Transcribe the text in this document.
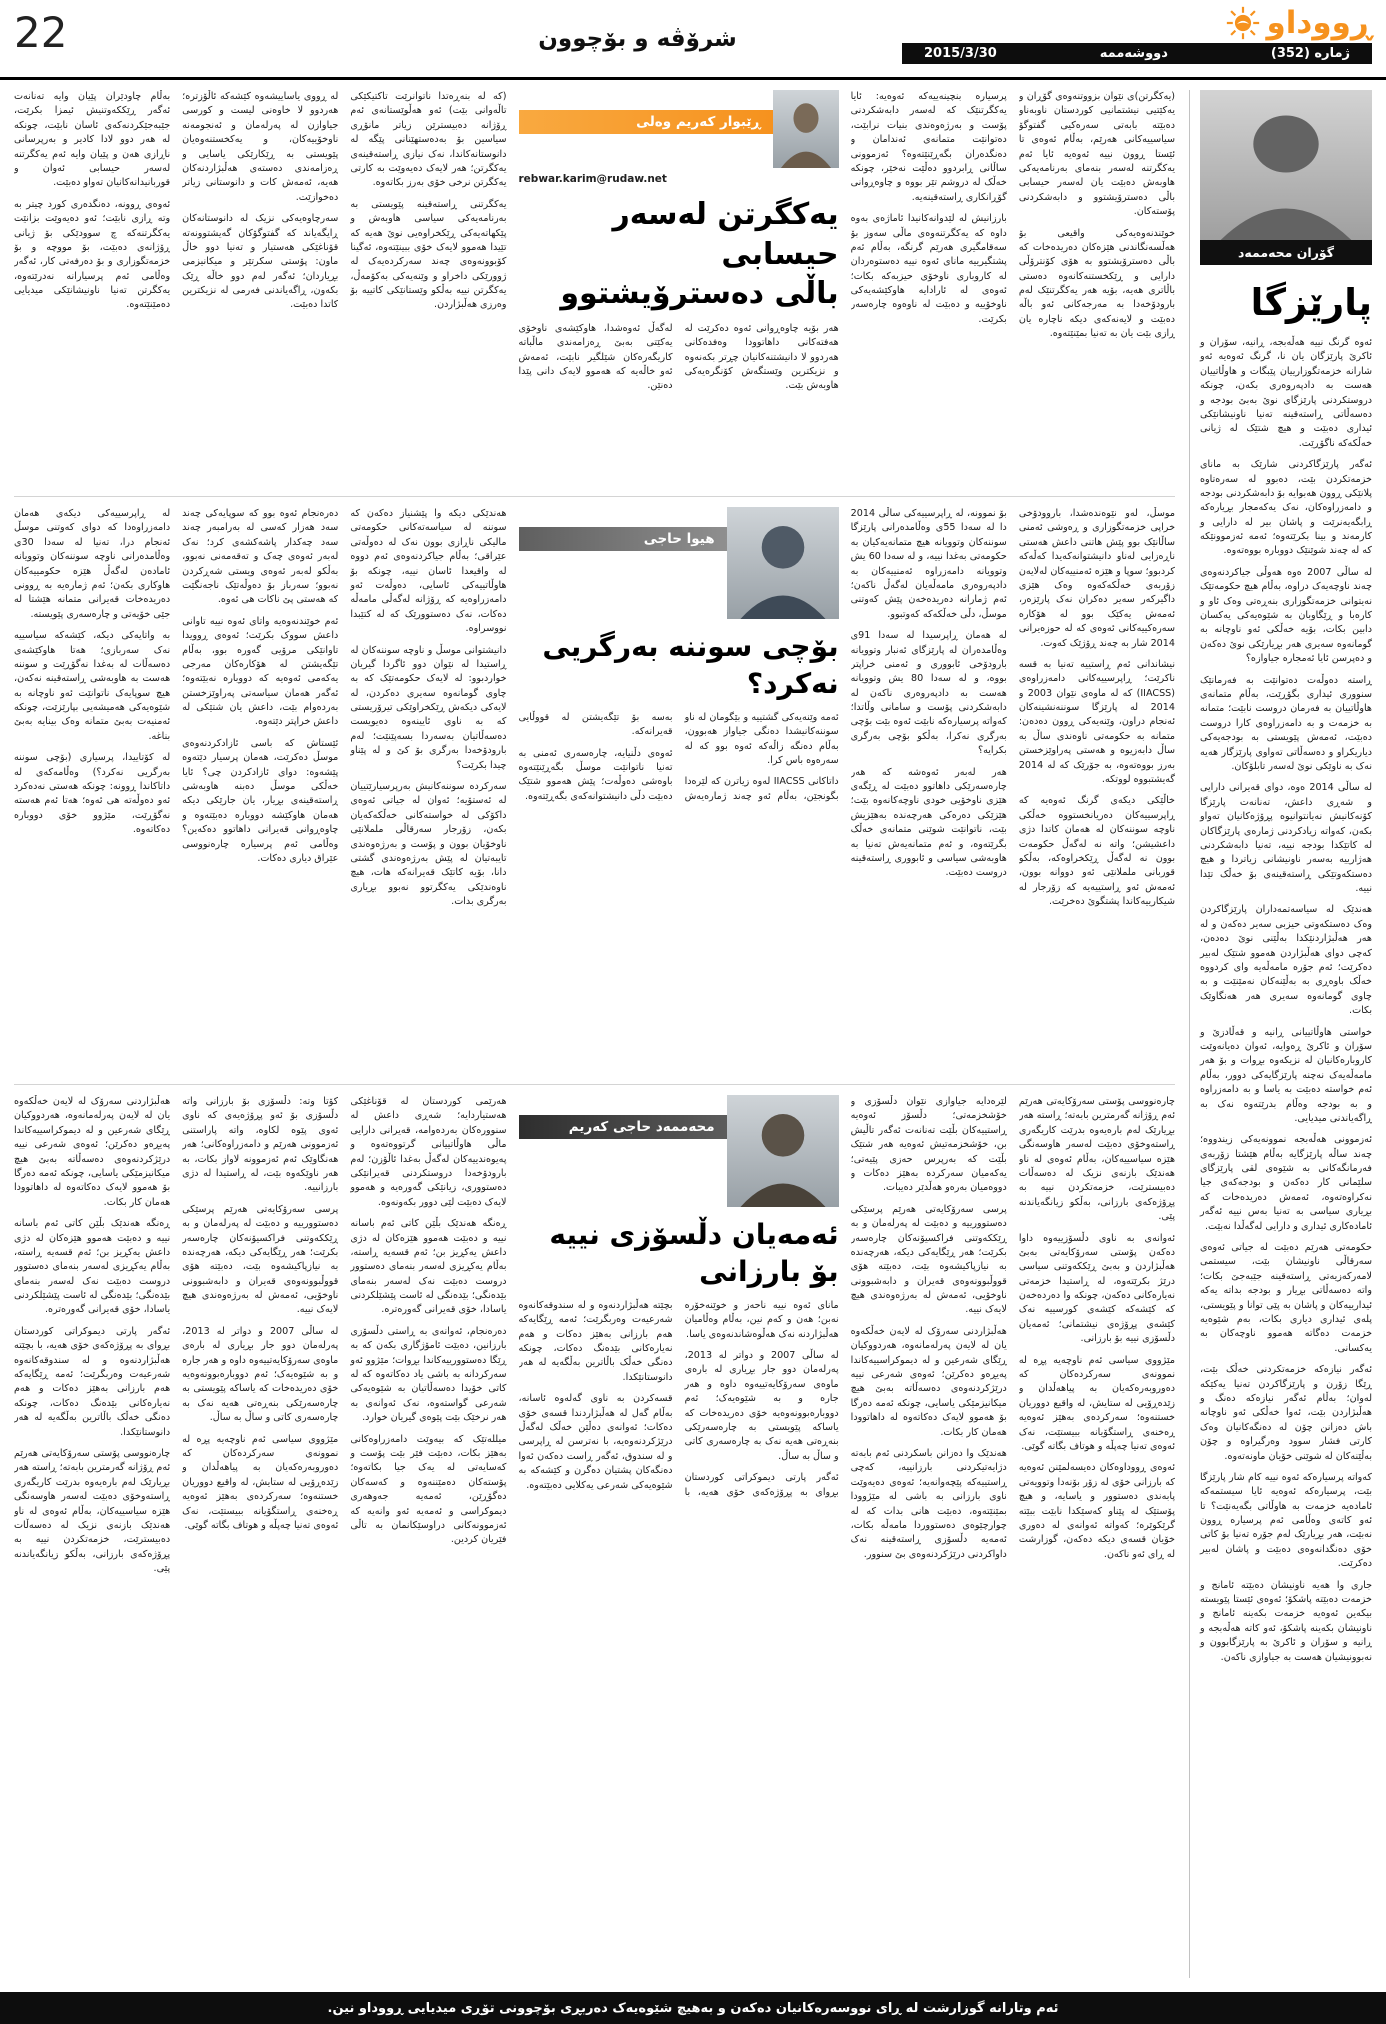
ڕووداو
ژمارە (352)
دووشەممە
2015/3/30
شرۆڤە و بۆچوون
22
گۆران محەممەد
پارێزگا

ئەوە گرنگ نییە هەڵەبجە، ڕانیە، سۆران و ئاکرێ پارێزگان یان نا، گرنگ ئەوەیە ئەو شارانە خزمەتگوزارییان پێبگات و هاوڵاتییان هەست بە دادپەروەری بکەن، چونکە دروستکردنی پارێزگای نوێ بەبێ بودجە و دەسەڵاتی ڕاستەقینە تەنیا ناونیشانێکی ئیداری دەبێت و هیچ شتێک لە ژیانی خەڵکەکە ناگۆڕێت.

ئەگەر پارێزگاکردنی شارێک بە مانای خزمەتکردن بێت، دەبوو لە سەرەتاوە پلانێکی ڕوون هەبوایە بۆ دابەشکردنی بودجە و دامەزراوەکان، نەک یەکەمجار بڕیارەکە ڕابگەیەنرێت و پاشان بیر لە دارایی و کارمەند و بینا بکرێتەوە؛ ئەمە ئەزموونێکە کە لە چەند شوێنێک دووبارە بووەتەوە.

لە ساڵی 2007 ەوە هەوڵی جیاکردنەوەی چەند ناوچەیەک دراوە، بەڵام هیچ حکومەتێک نەیتوانی خزمەتگوزاری بنەڕەتی وەک ئاو و کارەبا و ڕێگاوبان بە شێوەیەکی یەکسان دابین بکات، بۆیە خەڵکی ئەو ناوچانە بە گومانەوە سەیری هەر بڕیارێکی نوێ دەکەن و دەپرسن ئایا ئەمجارە جیاوازە؟

ڕاستە دەوڵەت دەتوانێت بە فەرمانێک سنووری ئیداری بگۆڕێت، بەڵام متمانەی هاوڵاتییان بە فەرمان دروست نابێت؛ متمانە بە خزمەت و بە دامەزراوەی کارا دروست دەبێت، ئەمەش پێویستی بە بودجەیەکی دیاریکراو و دەسەڵاتی تەواوی پارێزگار هەیە نەک بە ناوێکی نوێ لەسەر تابلۆکان.

لە ساڵی 2014 ەوە، دوای قەیرانی دارایی و شەڕی داعش، تەنانەت پارێزگا کۆنەکانیش نەیانتوانیوە پڕۆژەکانیان تەواو بکەن، کەواتە زیادکردنی ژمارەی پارێزگاکان لە کاتێکدا بودجە نییە، تەنیا دابەشکردنی هەژارییە بەسەر ناونیشانی زیاتردا و هیچ دەستکەوتێکی ڕاستەقینەی بۆ خەڵک تێدا نییە.

هەندێک لە سیاسەتمەداران پارێزگاکردن وەک دەستکەوتی حیزبی سەیر دەکەن و لە هەر هەڵبژاردنێکدا بەڵێنی نوێ دەدەن، کەچی دوای هەڵبژاردن هەموو شتێک لەبیر دەکرێت؛ ئەم جۆرە مامەڵەیە وای کردووە خەڵک باوەڕی بە بەڵێنەکان نەمێنێت و بە چاوی گومانەوە سەیری هەر هەنگاوێک بکات.

خواستی هاوڵاتییانی ڕانیە و قەڵادزێ و سۆران و ئاکرێ ڕەوایە، ئەوان دەیانەوێت کاروبارەکانیان لە نزیکەوە بڕوات و بۆ هەر مامەڵەیەک نەچنە پارێزگایەکی دوور، بەڵام ئەم خواستە دەبێت بە یاسا و بە دامەزراوە و بە بودجە وەڵام بدرێتەوە نەک بە ڕاگەیاندنی میدیایی.

ئەزموونی هەڵەبجە نموونەیەکی زیندووە؛ چەند ساڵە پارێزگایە بەڵام هێشتا زۆربەی فەرمانگەکانی بە شێوەی لقی پارێزگای سلێمانی کار دەکەن و بودجەکەی جیا نەکراوەتەوە، ئەمەش دەریدەخات کە بڕیاری سیاسی بە تەنیا بەس نییە ئەگەر ئامادەکاری ئیداری و دارایی لەگەڵدا نەبێت.

حکومەتی هەرێم دەبێت لە جیاتی ئەوەی سەرقاڵی ناونیشان بێت، سیستمی لامەرکەزیەتی ڕاستەقینە جێبەجێ بکات؛ واتە دەسەڵاتی بڕیار و بودجە بداتە یەکە ئیدارییەکان و پاشان بە پێی توانا و پێویستی، پلەی ئیداری دیاری بکات، بەم شێوەیە خزمەت دەگاتە هەموو ناوچەکان بە یەکسانی.

ئەگەر نیازەکە خزمەتکردنی خەڵک بێت، ڕێگا زۆرن و پارێزگاکردن تەنیا یەکێکە لەوان؛ بەڵام ئەگەر نیازەکە دەنگ و هەڵبژاردن بێت، ئەوا خەڵکی ئەو ناوچانە باش دەزانن چۆن لە دەنگەکانیان وەک کارتی فشار سوود وەرگیراوە و چۆن بەڵێنەکان لە شوێنی خۆیان ماونەتەوە.

کەواتە پرسیارەکە ئەوە نییە کام شار پارێزگا بێت، پرسیارەکە ئەوەیە ئایا سیستمەکە ئامادەیە خزمەت بە هاوڵاتی بگەیەنێت؟ تا ئەو کاتەی وەڵامی ئەم پرسیارە ڕوون نەبێت، هەر بڕیارێک لەم جۆرە تەنیا بۆ کاتی خۆی دەنگدانەوەی دەبێت و پاشان لەبیر دەکرێت.

جاری وا هەیە ناونیشان دەبێتە ئامانج و خزمەت دەبێتە پاشکۆ؛ ئەوەی ئێستا پێویستە بیکەین ئەوەیە خزمەت بکەینە ئامانج و ناونیشان بکەینە پاشکۆ، ئەو کاتە هەڵەبجە و ڕانیە و سۆران و ئاکرێ بە پارێزگابوون و نەبوونیشیان هەست بە جیاوازی ناکەن.

(یەکگرتن)ی نێوان بزووتنەوەی گۆڕان و یەکێتیی نیشتمانیی کوردستان ناوبەناو دەبێتە بابەتی سەرەکیی گفتوگۆ سیاسییەکانی هەرێم، بەڵام ئەوەی تا ئێستا ڕوون نییە ئەوەیە ئایا ئەم یەکگرتنە لەسەر بنەمای بەرنامەیەکی هاوبەش دەبێت یان لەسەر حیسابی باڵی دەسترۆیشتوو و دابەشکردنی پۆستەکان.

خوێندنەوەیەکی واقیعی بۆ هەڵسەنگاندنی هێزەکان دەریدەخات کە باڵی دەسترۆیشتوو بە هۆی کۆنترۆڵی دارایی و ڕێکخستنەکانەوە دەستی باڵاتری هەیە، بۆیە هەر یەکگرتنێک لەم بارودۆخەدا بە مەرجەکانی ئەو باڵە دەبێت و لایەنەکەی دیکە ناچارە یان ڕازی بێت یان بە تەنیا بمێنێتەوە.

پرسیارە بنچینەییەکە ئەوەیە: ئایا یەکگرتنێک کە لەسەر دابەشکردنی پۆست و بەرژەوەندی بنیات نرابێت، دەتوانێت متمانەی ئەندامان و دەنگدەران بگەڕێنێتەوە؟ ئەزموونی ساڵانی ڕابردوو دەڵێت نەخێر، چونکە خەڵک لە دروشم تێر بووە و چاوەڕوانی گۆڕانکاری ڕاستەقینەیە.

بارزانیش لە لێدوانەکانیدا ئاماژەی بەوە داوە کە یەکگرتنەوەی ماڵی سەوز بۆ سەقامگیری هەرێم گرنگە، بەڵام ئەم پشتگیرییە مانای ئەوە نییە دەستوەردان لە کاروباری ناوخۆی حیزبەکە بکات؛ ئەوەی لە ئارادایە هاوکێشەیەکی ناوخۆییە و دەبێت لە ناوەوە چارەسەر بکرێت.

ڕێبوار کەریم وەلی
rebwar.karim@rudaw.net
یەکگرتن لەسەر حیسابی
باڵی دەسترۆیشتوو

هەر بۆیە چاوەڕوانی ئەوە دەکرێت لە هەفتەکانی داهاتوودا وەفدەکانی هەردوو لا دانیشتنەکانیان چڕتر بکەنەوە و نزیکترین وێستگەش کۆنگرەیەکی هاوبەش بێت.

لەگەڵ ئەوەشدا، هاوکێشەی ناوخۆی یەکێتی بەبێ ڕەزامەندی ماڵباتە کاریگەرەکان شێلگیر نابێت، ئەمەش ئەو خاڵەیە کە هەموو لایەک دانی پێدا دەنێن.

(کە لە بنەڕەتدا ناتوانرێت تاکتیکێکی تاڵەوانی بێت) ئەو هەڵوێستانەی ئەم ڕۆژانە دەبیسترێن زیاتر مانۆڕی سیاسین بۆ بەدەستهێنانی پێگە لە دانوستانەکاندا، نەک نیازی ڕاستەقینەی یەکگرتن؛ هەر لایەک دەیەوێت بە کارتی یەکگرتن نرخی خۆی بەرز بکاتەوە.

یەکگرتنی ڕاستەقینە پێویستی بە بەرنامەیەکی سیاسی هاوبەش و پێکهاتەیەکی ڕێکخراوەیی نوێ هەیە کە تێیدا هەموو لایەک خۆی ببینێتەوە، ئەگینا کۆبوونەوەی چەند سەرکردەیەک لە ژوورێکی داخراو و وێنەیەکی بەکۆمەڵ، یەکگرتن نییە بەڵکو وێستانێکی کاتییە بۆ وەرزی هەڵبژاردن.

لە ڕووی یاساییشەوە کێشەکە ئاڵۆزترە؛ هەردوو لا خاوەنی لیست و کورسی جیاوازن لە پەرلەمان و ئەنجومەنە ناوخۆییەکان، و یەکخستنەوەیان پێویستی بە ڕێکارێکی یاسایی و ڕەزامەندی دەستەی هەڵبژاردنەکان هەیە، ئەمەش کات و دانوستانی زیاتر دەخوازێت.

سەرچاوەیەکی نزیک لە دانوستانەکان ڕایگەیاند کە گفتوگۆکان گەیشتوونەتە قۆناغێکی هەستیار و تەنیا دوو خاڵ ماون: پۆستی سکرتێر و میکانیزمی بڕیاردان؛ ئەگەر لەم دوو خاڵە ڕێک بکەون، ڕاگەیاندنی فەرمی لە نزیکترین کاتدا دەبێت.

بەڵام چاودێران پێیان وایە تەنانەت ئەگەر ڕێککەوتنیش ئیمزا بکرێت، جێبەجێکردنەکەی ئاسان نابێت، چونکە لە هەر دوو لادا کادیر و بەرپرسانی ناڕازی هەن و پێیان وایە ئەم یەکگرتنە لەسەر حیسابی ئەوان و قوربانیدانەکانیان تەواو دەبێت.

ئەوەی ڕوونە، دەنگدەری کورد چیتر بە وتە ڕازی نابێت؛ ئەو دەیەوێت بزانێت یەکگرتنەکە چ سوودێکی بۆ ژیانی ڕۆژانەی دەبێت، بۆ مووچە و بۆ خزمەتگوزاری و بۆ دەرفەتی کار، ئەگەر وەڵامی ئەم پرسیارانە نەدرێتەوە، یەکگرتن تەنیا ناونیشانێکی میدیایی دەمێنێتەوە.

موسڵ، لەو نێوەندەشدا، باروودۆخی خراپی خزمەتگوزاری و ڕەوشی ئەمنی ساڵانێک بوو پێش هاتنی داعش هەستی ناڕەزایی لەناو دانیشتوانەکەیدا کەڵەکە کردبوو؛ سوپا و هێزە ئەمنییەکان لەلایەن زۆربەی خەڵکەکەوە وەک هێزی داگیرکەر سەیر دەکران نەک پارێزەر، ئەمەش یەکێک بوو لە هۆکارە سەرەکییەکانی ئەوەی کە لە حوزەیرانی 2014 شار بە چەند ڕۆژێک کەوت.

نیشاندانی ئەم ڕاستییە تەنیا بە قسە ناکرێت؛ ڕاپرسییەکانی دامەزراوەی (IIACSS) کە لە ماوەی نێوان 2003 و 2014 لە پارێزگا سوننەنشینەکان ئەنجام دراون، وێنەیەکی ڕوون دەدەن: متمانە بە حکومەتی ناوەندی ساڵ بە ساڵ دابەزیوە و هەستی پەراوێزخستن بەرز بووەتەوە، بە جۆرێک کە لە 2014 گەیشتبووە لووتکە.

خاڵێکی دیکەی گرنگ ئەوەیە کە ڕاپرسییەکان دەریانخستووە خەڵکی ناوچە سوننەکان لە هەمان کاتدا دژی داعشیشن؛ واتە نە لەگەڵ حکومەت بوون نە لەگەڵ ڕێکخراوەکە، بەڵکو قوربانی ململانێی ئەو دووانە بوون، ئەمەش ئەو ڕاستییەیە کە زۆرجار لە شیکارییەکاندا پشتگوێ دەخرێت.

بۆ نموونە، لە ڕاپرسییەکی ساڵی 2014 دا لە سەدا 55ی وەڵامدەرانی پارێزگا سوننەکان وتوویانە هیچ متمانەیەکیان بە حکومەتی بەغدا نییە، و لە سەدا 60 یش وتوویانە دامەزراوە ئەمنییەکان بە دادپەروەری مامەڵەیان لەگەڵ ناکەن؛ ئەم ژمارانە دەریدەخەن پێش کەوتنی موسڵ، دڵی خەڵکەکە کەوتبوو.

لە هەمان ڕاپرسیدا لە سەدا 91ی وەڵامدەران لە پارێزگای ئەنبار وتوویانە بارودۆخی ئابووری و ئەمنی خراپتر بووە، و لە سەدا 80 یش وتوویانە هەست بە دادپەروەری ناکەن لە دابەشکردنی پۆست و سامانی وڵاتدا؛ کەواتە پرسیارەکە نابێت ئەوە بێت بۆچی بەرگری نەکرا، بەڵکو بۆچی بەرگری بکرایە؟

هەر لەبەر ئەوەشە کە هەر چارەسەرێکی داهاتوو دەبێت لە ڕێگەی هێزی ناوخۆیی خودی ناوچەکانەوە بێت؛ هێزێکی دەرەکی هەرچەندە بەهێزیش بێت، ناتوانێت شوێنی متمانەی خەڵک بگرێتەوە، و ئەم متمانەیەش تەنیا بە هاوبەشی سیاسی و ئابووری ڕاستەقینە دروست دەبێت.

هیوا حاجی
بۆچی سوننە بەرگریی
نەکرد؟

ئەمە وێنەیەکی گشتییە و بێگومان لە ناو سوننەکانیشدا دەنگی جیاواز هەبوون، بەڵام دەنگە زاڵەکە ئەوە بوو کە لە سەرەوە باس کرا.

داتاکانی IIACSS لەوە زیاترن کە لێرەدا بگونجێن، بەڵام ئەو چەند ژمارەیەش بەسە بۆ تێگەیشتن لە قووڵایی قەیرانەکە.

ئەوەی دڵنیایە، چارەسەری ئەمنی بە تەنیا ناتوانێت موسڵ بگەڕێنێتەوە باوەشی دەوڵەت؛ پێش هەموو شتێک دەبێت دڵی دانیشتوانەکەی بگەڕێتەوە.

هەندێکی دیکە وا پێشنیاز دەکەن کە سوننە لە سیاسەتەکانی حکومەتی مالیکی ناڕازی بوون نەک لە دەوڵەتی عێراقی؛ بەڵام جیاکردنەوەی ئەم دووە لە واقیعدا ئاسان نییە، چونکە بۆ هاوڵاتییەکی ئاسایی، دەوڵەت ئەو دامەزراوەیە کە ڕۆژانە لەگەڵی مامەڵە دەکات، نەک دەستوورێک کە لە کتێبدا نووسراوە.

دانیشتوانی موسڵ و ناوچە سوننەکان لە ڕاستیدا لە نێوان دوو ئاگردا گیریان خواردبوو: لە لایەک حکومەتێک کە بە چاوی گومانەوە سەیری دەکردن، لە لایەکی دیکەش ڕێکخراوێکی تیرۆریستی کە بە ناوی ئایینەوە دەیویست دەسەڵاتیان بەسەردا بسەپێنێت؛ لەم بارودۆخەدا بەرگری بۆ کێ و لە پێناو چیدا بکرێت؟

سەرکردە سوننەکانیش بەرپرسیارێتییان لە ئەستۆیە؛ ئەوان لە جیاتی ئەوەی داکۆکی لە خواستەکانی خەڵکەکەیان بکەن، زۆرجار سەرقاڵی ململانێی ناوخۆیان بوون و پۆست و بەرژەوەندی تایبەتیان لە پێش بەرژەوەندی گشتی دانا، بۆیە کاتێک قەیرانەکە هات، هیچ ناوەندێکی یەکگرتوو نەبوو بڕیاری بەرگری بدات.

دەرەنجام ئەوە بوو کە سوپایەکی چەند سەد هەزار کەسی لە بەرامبەر چەند سەد چەکدار پاشەکشەی کرد؛ نەک لەبەر ئەوەی چەک و تەقەمەنی نەبوو، بەڵکو لەبەر ئەوەی ویستی شەڕکردن نەبوو؛ سەرباز بۆ دەوڵەتێک ناجەنگێت کە هەستی پێ ناکات هی ئەوە.

ئەم خوێندنەوەیە واتای ئەوە نییە تاوانی داعش سووک بکرێت؛ ئەوەی ڕوویدا تاوانێکی مرۆیی گەورە بوو، بەڵام تێگەیشتن لە هۆکارەکان مەرجی یەکەمی ئەوەیە کە دووبارە نەبێتەوە؛ ئەگەر هەمان سیاسەتی پەراوێزخستن بەردەوام بێت، داعش یان شتێکی لە داعش خراپتر دێتەوە.

ئێستاش کە باسی ئازادکردنەوەی موسڵ دەکرێت، هەمان پرسیار دێتەوە پێشەوە: دوای ئازادکردن چی؟ ئایا خەڵکی موسڵ دەبنە هاوبەشی ڕاستەقینەی بڕیار، یان جارێکی دیکە هەمان هاوکێشە دووبارە دەبێتەوە و چاوەڕوانی قەیرانی داهاتوو دەکەین؟ وەڵامی ئەم پرسیارە چارەنووسی عێراق دیاری دەکات.

لە ڕاپرسییەکی دیکەی هەمان دامەزراوەدا کە دوای کەوتنی موسڵ ئەنجام درا، تەنیا لە سەدا 30ی وەڵامدەرانی ناوچە سوننەکان وتوویانە ئامادەن لەگەڵ هێزە حکومییەکان هاوکاری بکەن؛ ئەم ژمارەیە بە ڕوونی دەریدەخات قەیرانی متمانە هێشتا لە جێی خۆیەتی و چارەسەری پێویستە.

بە واتایەکی دیکە، کێشەکە سیاسییە نەک سەربازی؛ هەتا هاوکێشەی دەسەڵات لە بەغدا نەگۆڕێت و سوننە هەست بە هاوبەشی ڕاستەقینە نەکەن، هیچ سوپایەک ناتوانێت ئەو ناوچانە بە شێوەیەکی هەمیشەیی بپارێزێت، چونکە ئەمنیەت بەبێ متمانە وەک بینایە بەبێ بناغە.

لە کۆتاییدا، پرسیاری (بۆچی سوننە بەرگریی نەکرد؟) وەڵامەکەی لە داتاکاندا ڕوونە: چونکە هەستی نەدەکرد ئەو دەوڵەتە هی ئەوە؛ هەتا ئەم هەستە نەگۆڕێت، مێژوو خۆی دووبارە دەکاتەوە.

چارەنووسی پۆستی سەرۆکایەتی هەرێم ئەم ڕۆژانە گەرمترین بابەتە؛ ڕاستە هەر بڕیارێک لەم بارەیەوە بدرێت کاریگەری ڕاستەوخۆی دەبێت لەسەر هاوسەنگی هێزە سیاسییەکان، بەڵام ئەوەی لە ناو هەندێک بازنەی نزیک لە دەسەڵات دەبیسترێت، خزمەتکردن نییە بە پڕۆژەکەی بارزانی، بەڵکو زیانگەیاندنە پێی.

ئەوانەی بە ناوی دڵسۆزییەوە داوا دەکەن پۆستی سەرۆکایەتی بەبێ هەڵبژاردن و بەبێ ڕێککەوتنی سیاسی درێژ بکرێتەوە، لە ڕاستیدا خزمەتی نەیارەکانی دەکەن، چونکە وا دەردەخەن کە کێشەکە کێشەی کورسییە نەک کێشەی پڕۆژەی نیشتمانی؛ ئەمەیان دڵسۆزی نییە بۆ بارزانی.

مێژووی سیاسی ئەم ناوچەیە پڕە لە نموونەی سەرکردەکان کە دەوروبەرەکەیان بە پیاهەڵدان و زێدەڕۆیی لە ستایش، لە واقیع دووریان خستنەوە؛ سەرکردەی بەهێز ئەوەیە ڕەخنەی ڕاستگۆیانە ببیستێت، نەک ئەوەی تەنیا چەپڵە و هوتاف بگاتە گوێی.

ئەوەی ڕووداوەکان دەیسەلمێنن ئەوەیە کە بارزانی خۆی لە زۆر بۆنەدا وتوویەتی پابەندی دەستوور و یاسایە، و هیچ پۆستێک لە پێناو کەسێکدا نابێت ببێتە گرێکوێرە؛ کەواتە ئەوانەی لە دەوری خۆیان قسەی دیکە دەکەن، گوزارشت لە ڕای ئەو ناکەن.

لێرەدایە جیاوازی نێوان دڵسۆزی و خۆشخزمەتی؛ دڵسۆز ئەوەیە ڕاستییەکان بڵێت تەنانەت ئەگەر تاڵیش بن، خۆشخزمەتیش ئەوەیە هەر شتێک بڵێت کە بەرپرس حەزی پێیەتی؛ یەکەمیان سەرکردە بەهێز دەکات و دووەمیان بەرەو هەڵدێر دەیبات.

پرسی سەرۆکایەتی هەرێم پرسێکی دەستوورییە و دەبێت لە پەرلەمان و بە ڕێککەوتنی فراکسیۆنەکان چارەسەر بکرێت؛ هەر ڕێگایەکی دیکە، هەرچەندە بە نیازپاکیشەوە بێت، دەبێتە هۆی قووڵبوونەوەی قەیران و دابەشبوونی ناوخۆیی، ئەمەش لە بەرژەوەندی هیچ لایەک نییە.

هەڵبژاردنی سەرۆک لە لایەن خەڵکەوە یان لە لایەن پەرلەمانەوە، هەردووکیان ڕێگای شەرعین و لە دیموکراسییەکاندا پەیڕەو دەکرێن؛ ئەوەی شەرعی نییە درێژکردنەوەی دەسەڵاتە بەبێ هیچ میکانیزمێکی یاسایی، چونکە ئەمە دەرگا بۆ هەموو لایەک دەکاتەوە لە داهاتوودا هەمان کار بکات.

هەندێک وا دەزانن باسکردنی ئەم بابەتە دژایەتیکردنی بارزانییە، کەچی ڕاستییەکە پێچەوانەیە؛ ئەوەی دەیەوێت ناوی بارزانی بە باشی لە مێژوودا بمێنێتەوە، دەبێت هانی بدات کە لە چوارچێوەی دەستووردا مامەڵە بکات، ئەمەیە دڵسۆزی ڕاستەقینە نەک داواکردنی درێژکردنەوەی بێ سنوور.

محەممەد حاجی کەریم
ئەمەیان دڵسۆزی نییە
بۆ بارزانی

مانای ئەوە نییە ناحەز و خوێنەخۆرە نەبن؛ هەن و کەم نین، بەڵام وەڵامیان هەڵبژاردنە نەک هەڵوەشاندنەوەی یاسا.

لە ساڵی 2007 و دواتر لە 2013، پەرلەمان دوو جار بڕیاری لە بارەی ماوەی سەرۆکایەتییەوە داوە و هەر جارە و بە شێوەیەک؛ ئەم دووبارەبوونەوەیە خۆی دەریدەخات کە یاساکە پێویستی بە چارەسەرێکی بنەڕەتی هەیە نەک بە چارەسەری کاتی و ساڵ بە ساڵ.

ئەگەر پارتی دیموکراتی کوردستان بڕوای بە پڕۆژەکەی خۆی هەیە، با بچێتە هەڵبژاردنەوە و لە سندوقەکانەوە شەرعیەت وەربگرێت؛ ئەمە ڕێگایەکە هەم بارزانی بەهێز دەکات و هەم نەیارەکانی بێدەنگ دەکات، چونکە دەنگی خەڵک باڵاترین بەڵگەیە لە هەر دانوستانێکدا.

قسەکردن بە ناوی گەلەوە ئاسانە، بەڵام گەل لە هەڵبژاردندا قسەی خۆی دەکات؛ ئەوانەی دەڵێن خەڵک لەگەڵ درێژکردنەوەیە، با نەترسن لە ڕاپرسی و لە سندوق، ئەگەر ڕاست دەکەن ئەوا دەنگەکان پشتیان دەگرن و کێشەکە بە شێوەیەکی شەرعی یەکلایی دەبێتەوە.

هەرێمی کوردستان لە قۆناغێکی هەستیاردایە؛ شەڕی داعش لە سنوورەکان بەردەوامە، قەیرانی دارایی ماڵی هاوڵاتییانی گرتووەتەوە و پەیوەندییەکان لەگەڵ بەغدا ئاڵۆزن؛ لەم بارودۆخەدا دروستکردنی قەیرانێکی دەستووری، زیانێکی گەورەیە و هەموو لایەک دەبێت لێی دوور بکەونەوە.

ڕەنگە هەندێک بڵێن کاتی ئەم باسانە نییە و دەبێت هەموو هێزەکان لە دژی داعش یەکڕیز بن؛ ئەم قسەیە ڕاستە، بەڵام یەکڕیزی لەسەر بنەمای دەستوور دروست دەبێت نەک لەسەر بنەمای بێدەنگی؛ بێدەنگی لە ئاست پێشێلکردنی یاسادا، خۆی قەیرانی گەورەترە.

دەرەنجام، ئەوانەی بە ڕاستی دڵسۆزی بارزانین، دەبێت ئامۆژگاری بکەن کە بە ڕێگا دەستوورییەکاندا بڕوات؛ مێژوو ئەو سەرکردانە بە باشی یاد دەکاتەوە کە لە کاتی خۆیدا دەسەڵاتیان بە شێوەیەکی شەرعی گواستەوە، نەک ئەوانەی بە هەر نرخێک بێت پێوەی گیریان خوارد.

میللەتێک کە بیەوێت دامەزراوەکانی بەهێز بکات، دەبێت فێر بێت پۆست و کەسایەتی لە یەک جیا بکاتەوە؛ پۆستەکان دەمێننەوە و کەسەکان دەگۆڕێن، ئەمەیە جەوهەری دیموکراسی و ئەمەیە ئەو وانەیە کە ئەزموونەکانی دراوسێکانمان بە تاڵی فێریان کردین.

کۆتا وتە: دڵسۆزی بۆ بارزانی واتە دڵسۆزی بۆ ئەو پڕۆژەیەی کە ناوی ئەوی پێوە لکاوە، واتە پاراستنی ئەزموونی هەرێم و دامەزراوەکانی؛ هەر هەنگاوێک ئەم ئەزموونە لاواز بکات، بە هەر ناوێکەوە بێت، لە ڕاستیدا لە دژی بارزانییە.

پرسی سەرۆکایەتی هەرێم پرسێکی دەستوورییە و دەبێت لە پەرلەمان و بە ڕێککەوتنی فراکسیۆنەکان چارەسەر بکرێت؛ هەر ڕێگایەکی دیکە، هەرچەندە بە نیازپاکیشەوە بێت، دەبێتە هۆی قووڵبوونەوەی قەیران و دابەشبوونی ناوخۆیی، ئەمەش لە بەرژەوەندی هیچ لایەک نییە.

لە ساڵی 2007 و دواتر لە 2013، پەرلەمان دوو جار بڕیاری لە بارەی ماوەی سەرۆکایەتییەوە داوە و هەر جارە و بە شێوەیەک؛ ئەم دووبارەبوونەوەیە خۆی دەریدەخات کە یاساکە پێویستی بە چارەسەرێکی بنەڕەتی هەیە نەک بە چارەسەری کاتی و ساڵ بە ساڵ.

مێژووی سیاسی ئەم ناوچەیە پڕە لە نموونەی سەرکردەکان کە دەوروبەرەکەیان بە پیاهەڵدان و زێدەڕۆیی لە ستایش، لە واقیع دووریان خستنەوە؛ سەرکردەی بەهێز ئەوەیە ڕەخنەی ڕاستگۆیانە ببیستێت، نەک ئەوەی تەنیا چەپڵە و هوتاف بگاتە گوێی.

هەڵبژاردنی سەرۆک لە لایەن خەڵکەوە یان لە لایەن پەرلەمانەوە، هەردووکیان ڕێگای شەرعین و لە دیموکراسییەکاندا پەیڕەو دەکرێن؛ ئەوەی شەرعی نییە درێژکردنەوەی دەسەڵاتە بەبێ هیچ میکانیزمێکی یاسایی، چونکە ئەمە دەرگا بۆ هەموو لایەک دەکاتەوە لە داهاتوودا هەمان کار بکات.

ڕەنگە هەندێک بڵێن کاتی ئەم باسانە نییە و دەبێت هەموو هێزەکان لە دژی داعش یەکڕیز بن؛ ئەم قسەیە ڕاستە، بەڵام یەکڕیزی لەسەر بنەمای دەستوور دروست دەبێت نەک لەسەر بنەمای بێدەنگی؛ بێدەنگی لە ئاست پێشێلکردنی یاسادا، خۆی قەیرانی گەورەترە.

ئەگەر پارتی دیموکراتی کوردستان بڕوای بە پڕۆژەکەی خۆی هەیە، با بچێتە هەڵبژاردنەوە و لە سندوقەکانەوە شەرعیەت وەربگرێت؛ ئەمە ڕێگایەکە هەم بارزانی بەهێز دەکات و هەم نەیارەکانی بێدەنگ دەکات، چونکە دەنگی خەڵک باڵاترین بەڵگەیە لە هەر دانوستانێکدا.

چارەنووسی پۆستی سەرۆکایەتی هەرێم ئەم ڕۆژانە گەرمترین بابەتە؛ ڕاستە هەر بڕیارێک لەم بارەیەوە بدرێت کاریگەری ڕاستەوخۆی دەبێت لەسەر هاوسەنگی هێزە سیاسییەکان، بەڵام ئەوەی لە ناو هەندێک بازنەی نزیک لە دەسەڵات دەبیسترێت، خزمەتکردن نییە بە پڕۆژەکەی بارزانی، بەڵکو زیانگەیاندنە پێی.

ئەم وتارانە گوزارشت لە ڕای نووسەرەکانیان دەکەن و بەهیچ شێوەیەک دەربڕی بۆچوونی تۆڕی میدیایی ڕووداو نین.
